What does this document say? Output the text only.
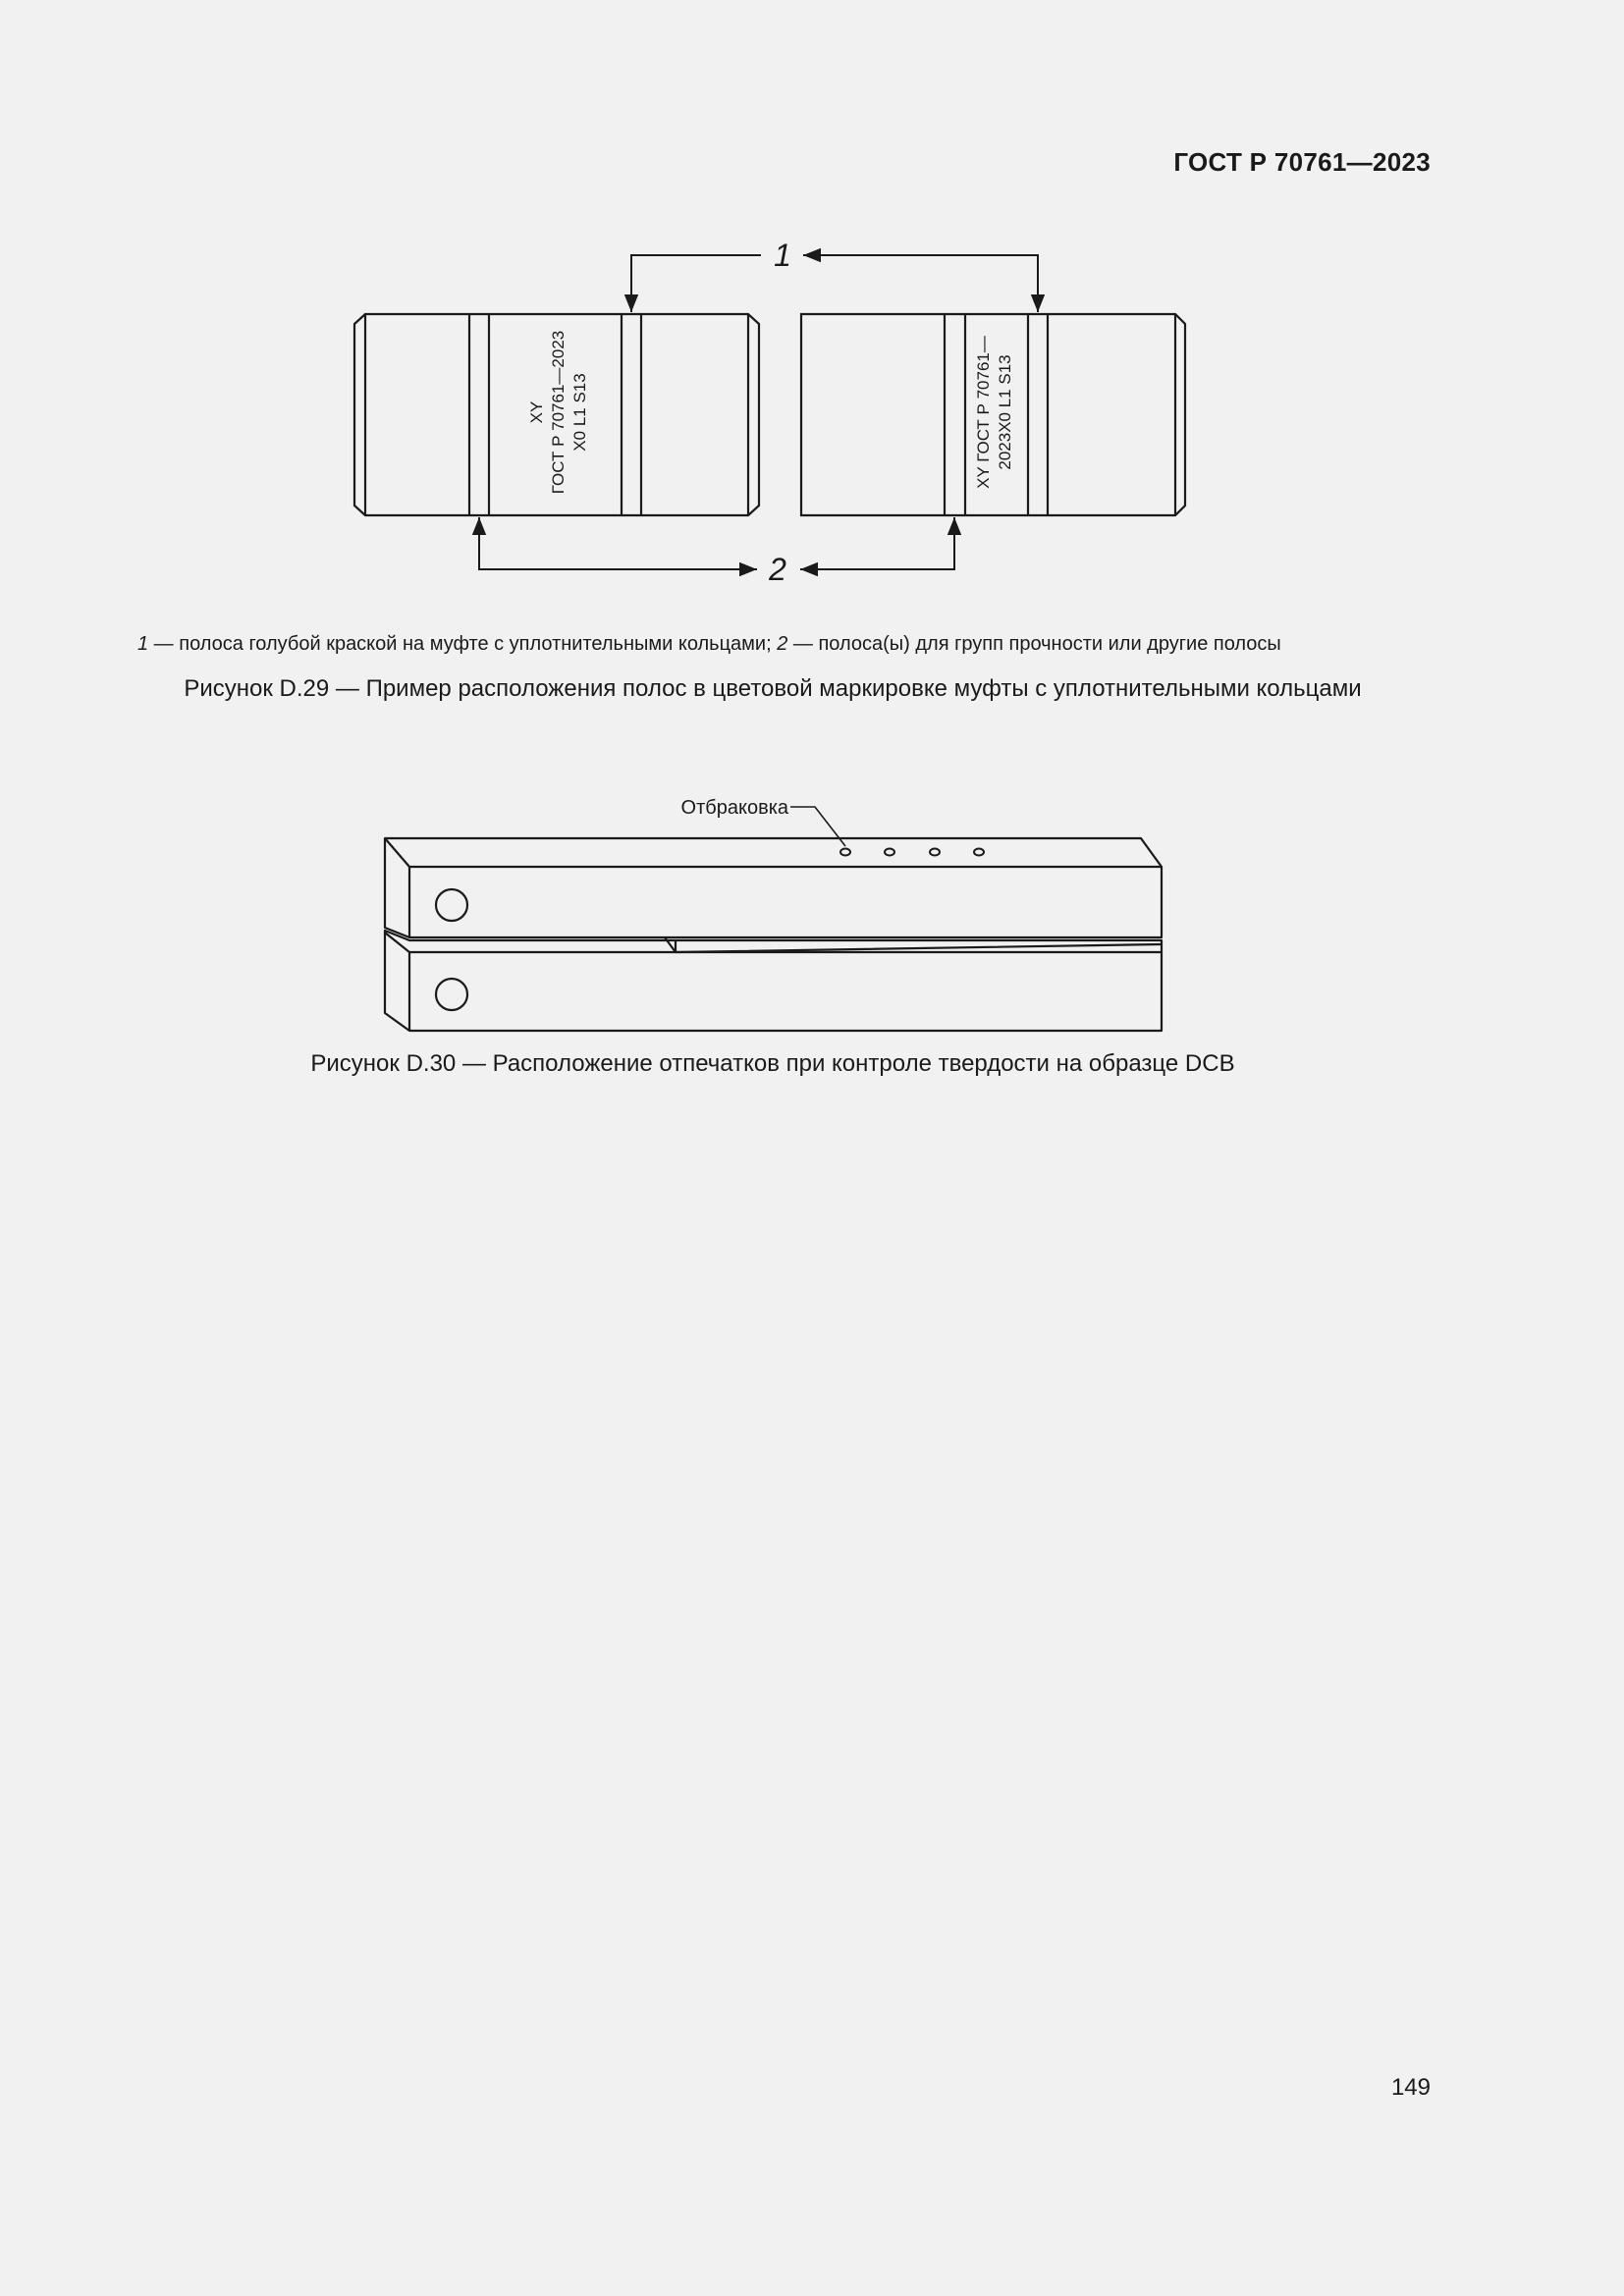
ГОСТ Р 70761—2023
XY ГОСТ Р 70761—2023 X0 L1 S13	XY ГОСТ Р 70761— 2023X0 L1 S13
1
2
1 — полоса голубой краской на муфте с уплотнительными кольцами; 2 — полоса(ы) для групп прочности или другие полосы
Рисунок D.29 — Пример расположения полос в цветовой маркировке муфты с уплотнительными кольцами
Отбраковка
Рисунок D.30 — Расположение отпечатков при контроле твердости на образце DCB
149
